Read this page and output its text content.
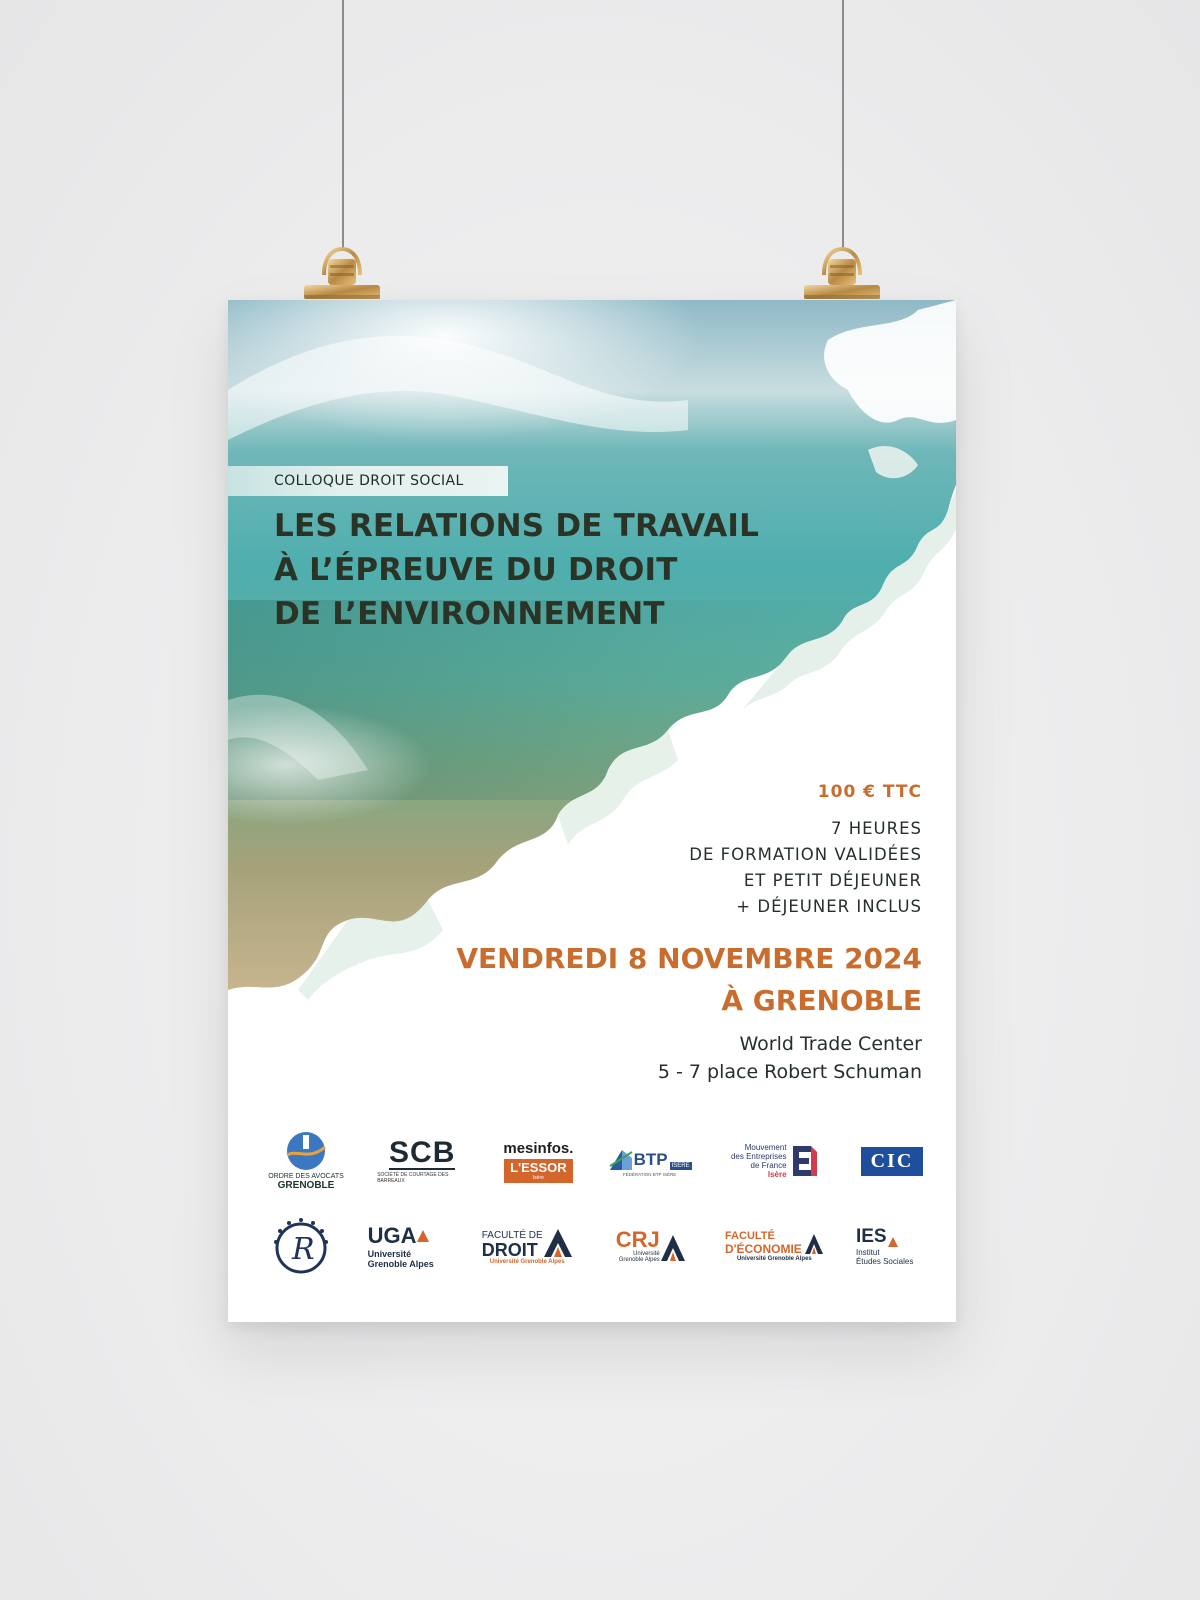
COLLOQUE DROIT SOCIAL
LES RELATIONS DE TRAVAIL
À L’ÉPREUVE DU DROIT
DE L’ENVIRONNEMENT
100 € TTC
7 HEURES
DE FORMATION VALIDÉES
ET PETIT DÉJEUNER
+ DÉJEUNER INCLUS
VENDREDI 8 NOVEMBRE 2024
À GRENOBLE
World Trade Center
5 - 7 place Robert Schuman
ORDRE DES AVOCATS
GRENOBLE
SCB
SOCIÉTÉ DE COURTAGE DES BARREAUX
mesinfos.
L'ESSOR
Isère
BTP ISERE
FÉDÉRATION BTP ISÈRE
Mouvement
des Entreprises
de France
Isère
CIC
R UGA
Université
Grenoble Alpes
FACULTÉ DE
DROIT
Université Grenoble Alpes
CRJ
Université
Grenoble Alpes
FACULTÉ
D'ÉCONOMIE
Université Grenoble Alpes
IES
Institut
Études Sociales
